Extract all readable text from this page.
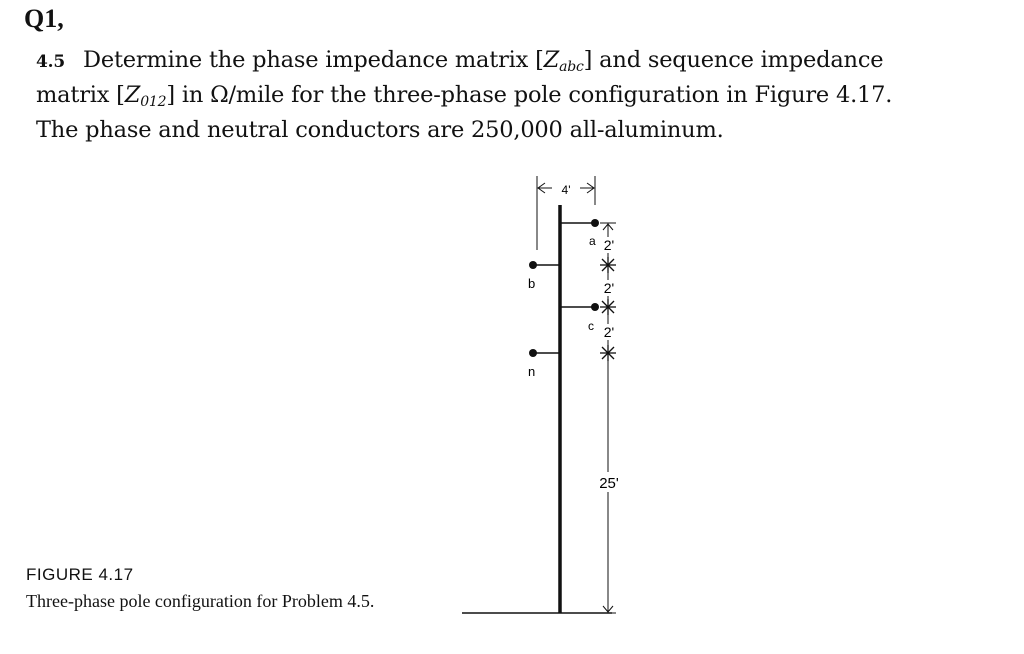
Q1,
4.5 Determine the phase impedance matrix $[Z_{abc}]$ and sequence impedance
matrix $[Z_{012}]$ in Ω/mile for the three-phase pole configuration in Figure 4.17.
The phase and neutral conductors are 250,000 all-aluminum.
4'
a
b
c
n
2'
2'
2'
25'
FIGURE 4.17
Three-phase pole configuration for Problem 4.5.
